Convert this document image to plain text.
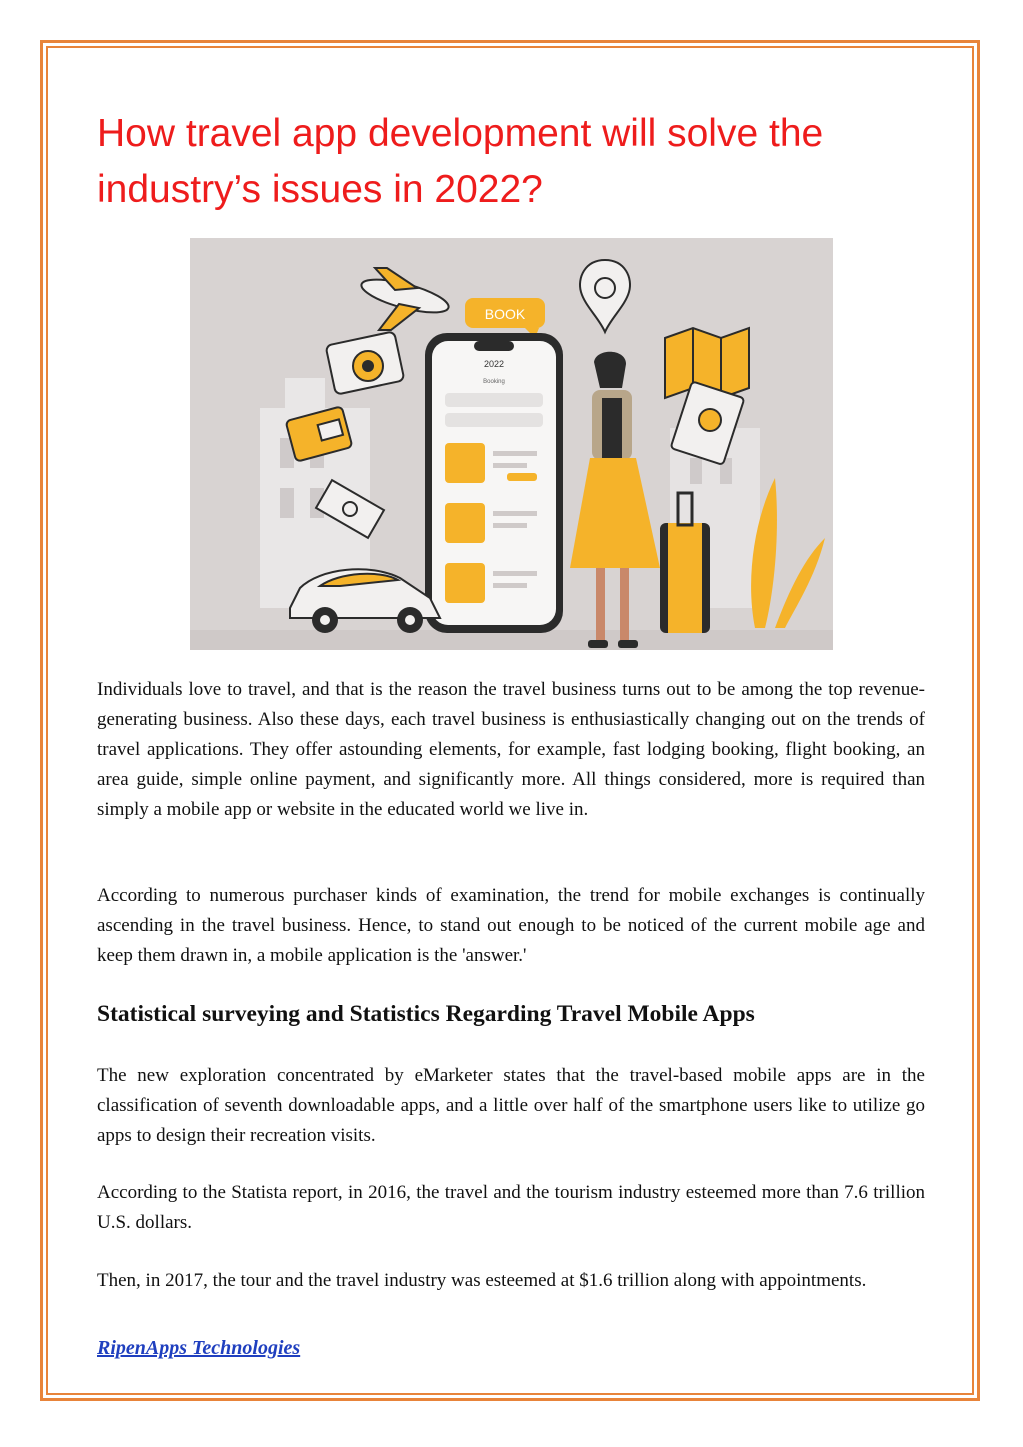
How travel app development will solve the industry’s issues in 2022?
BOOK
2022
Booking

Individuals love to travel, and that is the reason the travel business turns out to be among the top revenue-generating business. Also these days, each travel business is enthusiastically changing out on the trends of travel applications. They offer astounding elements, for example, fast lodging booking, flight booking, an area guide, simple online payment, and significantly more. All things considered, more is required than simply a mobile app or website in the educated world we live in.

According to numerous purchaser kinds of examination, the trend for mobile exchanges is continually ascending in the travel business. Hence, to stand out enough to be noticed of the current mobile age and keep them drawn in, a mobile application is the 'answer.'

Statistical surveying and Statistics Regarding Travel Mobile Apps

The new exploration concentrated by eMarketer states that the travel-based mobile apps are in the classification of seventh downloadable apps, and a little over half of the smartphone users like to utilize go apps to design their recreation visits.

According to the Statista report, in 2016, the travel and the tourism industry esteemed more than 7.6 trillion U.S. dollars.

Then, in 2017, the tour and the travel industry was esteemed at $1.6 trillion along with appointments.

RipenApps Technologies
